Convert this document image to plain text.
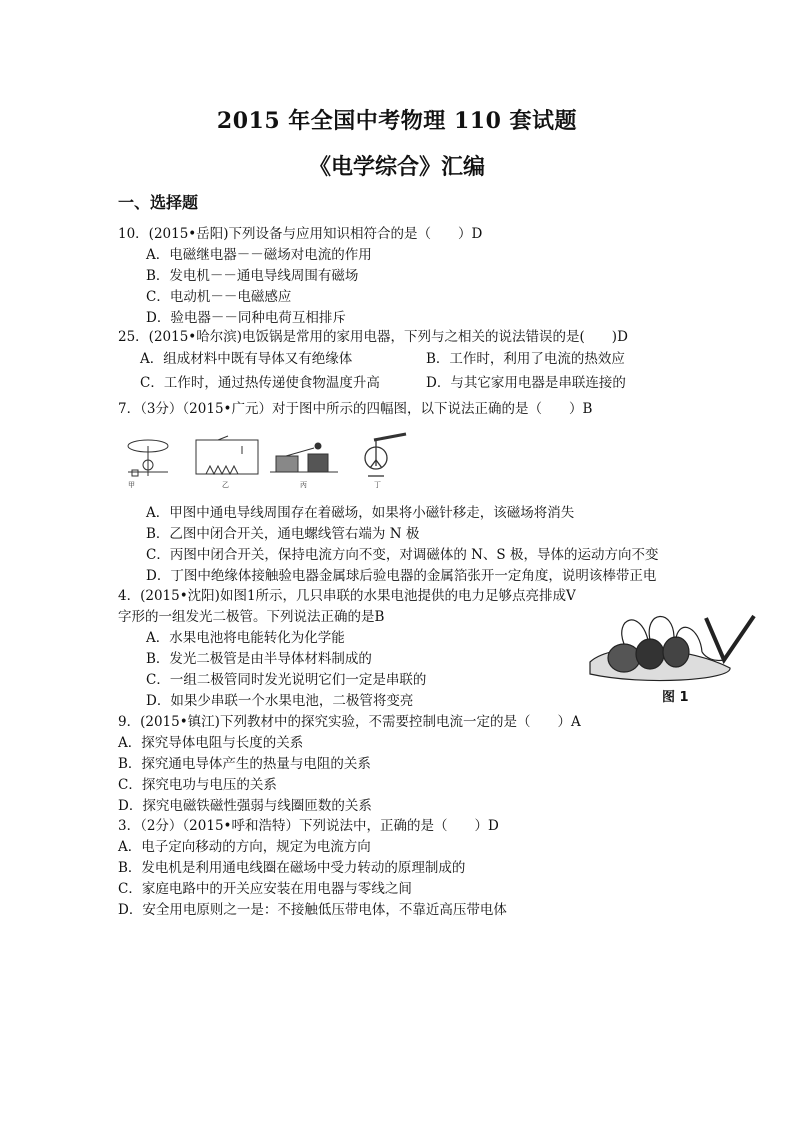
2015 年全国中考物理 110 套试题
《电学综合》汇编
一、选择题
10．(2015•岳阳)下列设备与应用知识相符合的是（　　）D
A．电磁继电器－－磁场对电流的作用
B．发电机－－通电导线周围有磁场
C．电动机－－电磁感应
D．验电器－－同种电荷互相排斥
25．(2015•哈尔滨)电饭锅是常用的家用电器，下列与之相关的说法错误的是(　　)D
A．组成材料中既有导体又有绝缘体	B．工作时，利用了电流的热效应
C．工作时，通过热传递使食物温度升高	D．与其它家用电器是串联连接的
7．（3分）（2015•广元）对于图中所示的四幅图，以下说法正确的是（　　）B
甲	乙	丙	丁
A．甲图中通电导线周围存在着磁场，如果将小磁针移走，该磁场将消失
B．乙图中闭合开关，通电螺线管右端为 N 极
C．丙图中闭合开关，保持电流方向不变，对调磁体的 N、S 极，导体的运动方向不变
D．丁图中绝缘体接触验电器金属球后验电器的金属箔张开一定角度，说明该棒带正电
4．(2015•沈阳)如图1所示，几只串联的水果电池提供的电力足够点亮排成V
字形的一组发光二极管。下列说法正确的是B
图 1
A．水果电池将电能转化为化学能
B．发光二极管是由半导体材料制成的
C．一组二极管同时发光说明它们一定是串联的
D．如果少串联一个水果电池，二极管将变亮
9．(2015•镇江)下列教材中的探究实验，不需要控制电流一定的是（　　）A
A．探究导体电阻与长度的关系
B．探究通电导体产生的热量与电阻的关系
C．探究电功与电压的关系
D．探究电磁铁磁性强弱与线圈匝数的关系
3．（2分）（2015•呼和浩特）下列说法中，正确的是（　　）D
A．电子定向移动的方向，规定为电流方向
B．发电机是利用通电线圈在磁场中受力转动的原理制成的
C．家庭电路中的开关应安装在用电器与零线之间
D．安全用电原则之一是：不接触低压带电体，不靠近高压带电体
